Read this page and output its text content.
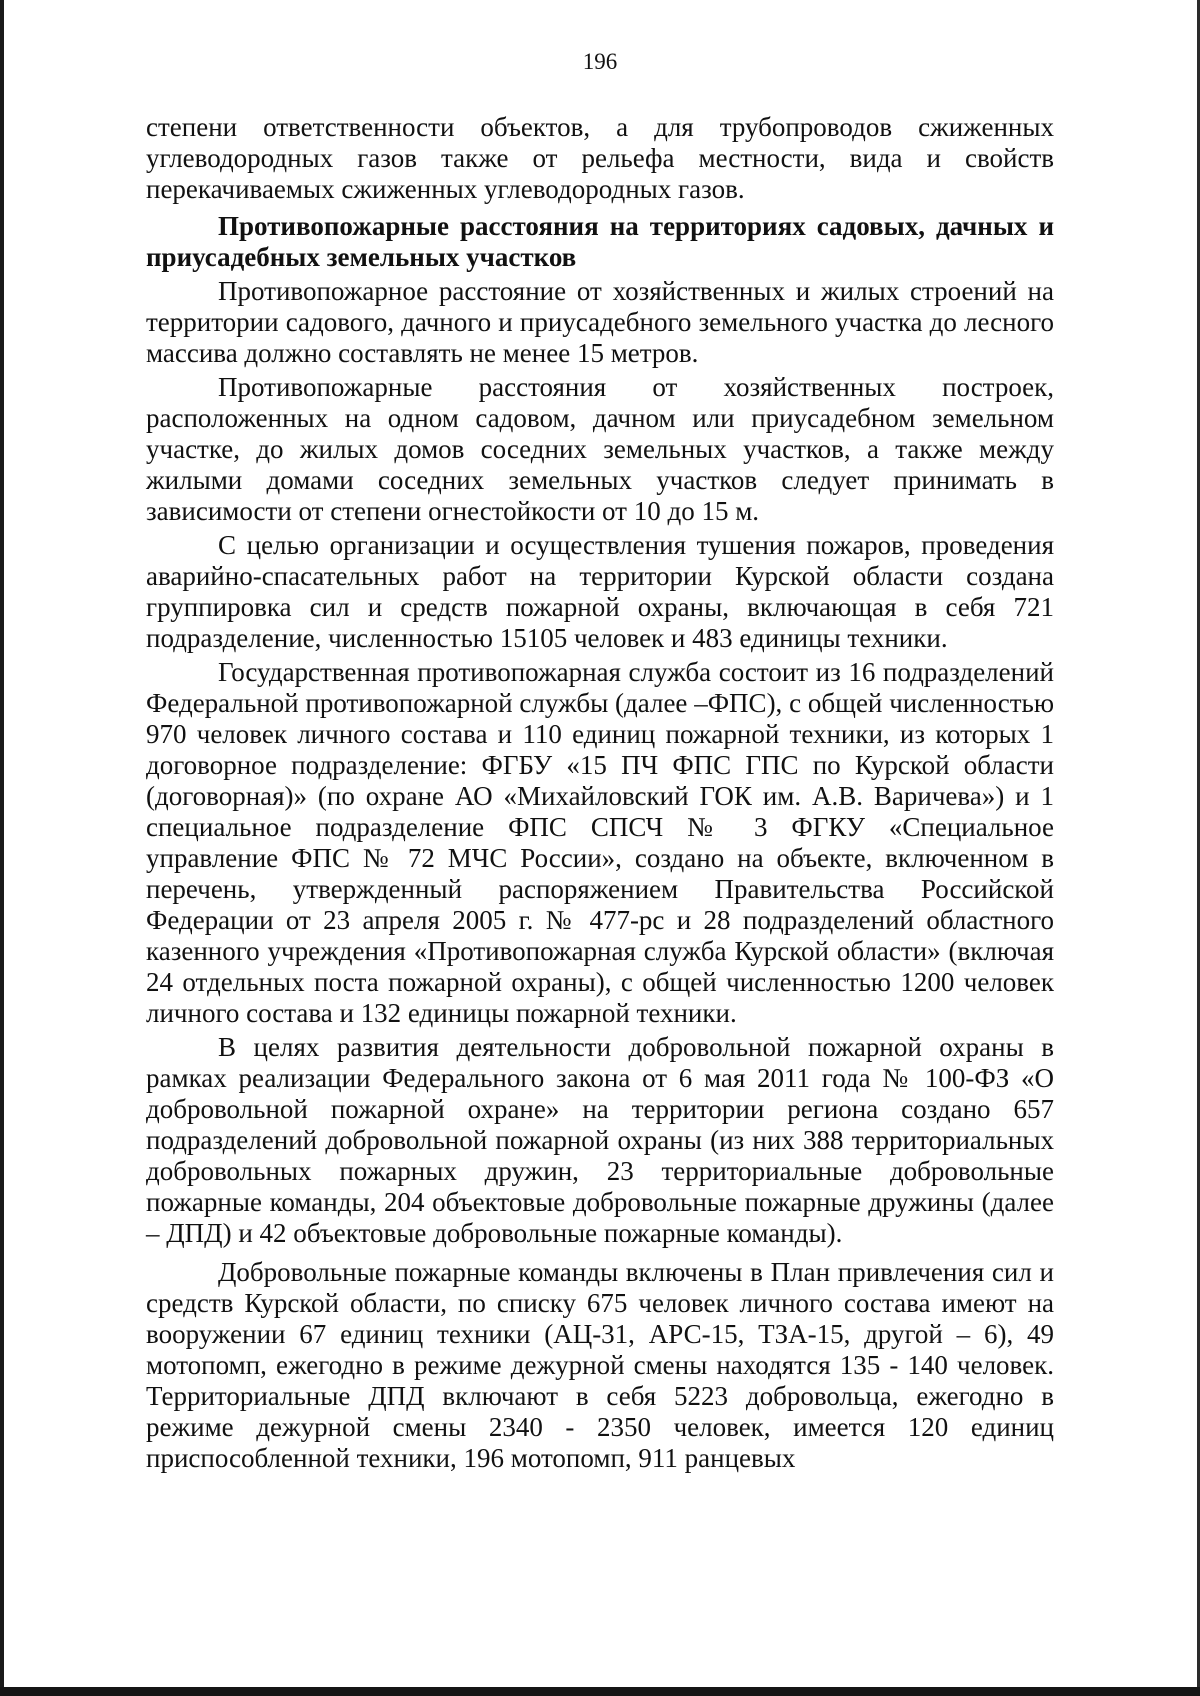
196

степени ответственности объектов, а для трубопроводов сжиженных углеводородных газов также от рельефа местности, вида и свойств перекачиваемых сжиженных углеводородных газов.

Противопожарные расстояния на территориях садовых, дачных и приусадебных земельных участков

Противопожарное расстояние от хозяйственных и жилых строений на территории садового, дачного и приусадебного земельного участка до лесного массива должно составлять не менее 15 метров.

Противопожарные расстояния от хозяйственных построек, расположенных на одном садовом, дачном или приусадебном земельном участке, до жилых домов соседних земельных участков, а также между жилыми домами соседних земельных участков следует принимать в зависимости от степени огнестойкости от 10 до 15 м.

С целью организации и осуществления тушения пожаров, проведения аварийно-спасательных работ на территории Курской области создана группировка сил и средств пожарной охраны, включающая в себя 721 подразделение, численностью 15105 человек и 483 единицы техники.

Государственная противопожарная служба состоит из 16 подразделений Федеральной противопожарной службы (далее –ФПС), с общей численностью 970 человек личного состава и 110 единиц пожарной техники, из которых 1 договорное подразделение: ФГБУ «15 ПЧ ФПС ГПС по Курской области (договорная)» (по охране АО «Михайловский ГОК им. А.В. Варичева») и 1 специальное подразделение ФПС СПСЧ № 3 ФГКУ «Специальное управление ФПС № 72 МЧС России», создано на объекте, включенном в перечень, утвержденный распоряжением Правительства Российской Федерации от 23 апреля 2005 г. № 477-рс и 28 подразделений областного казенного учреждения «Противопожарная служба Курской области» (включая 24 отдельных поста пожарной охраны), с общей численностью 1200 человек личного состава и 132 единицы пожарной техники.

В целях развития деятельности добровольной пожарной охраны в рамках реализации Федерального закона от 6 мая 2011 года № 100-ФЗ «О добровольной пожарной охране» на территории региона создано 657 подразделений добровольной пожарной охраны (из них 388 территориальных добровольных пожарных дружин, 23 территориальные добровольные пожарные команды, 204 объектовые добровольные пожарные дружины (далее – ДПД) и 42 объектовые добровольные пожарные команды).

Добровольные пожарные команды включены в План привлечения сил и средств Курской области, по списку 675 человек личного состава имеют на вооружении 67 единиц техники (АЦ-31, АРС-15, ТЗА-15, другой – 6), 49 мотопомп, ежегодно в режиме дежурной смены находятся 135 - 140 человек. Территориальные ДПД включают в себя 5223 добровольца, ежегодно в режиме дежурной смены 2340 - 2350 человек, имеется 120 единиц приспособленной техники, 196 мотопомп, 911 ранцевых
